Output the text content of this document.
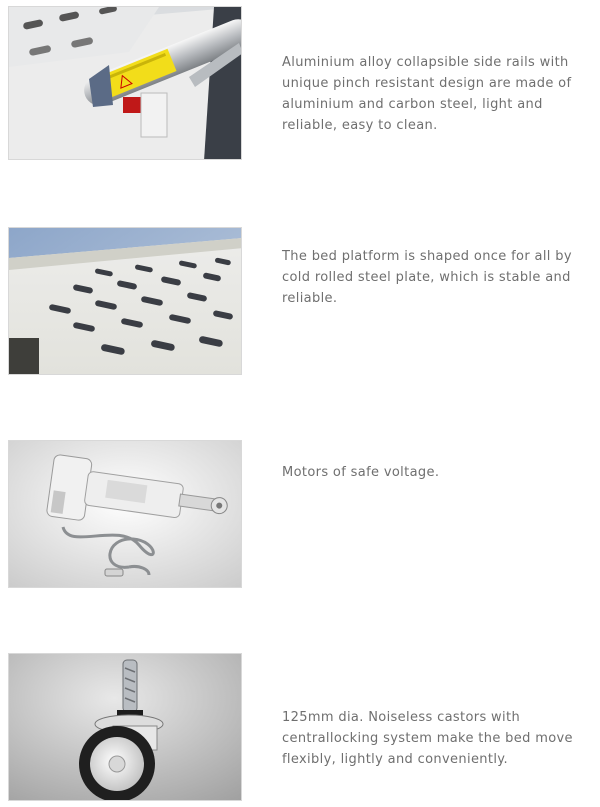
Aluminium alloy collapsible side rails with unique pinch resistant design are made of aluminium and carbon steel, light and reliable, easy to clean.

The bed platform is shaped once for all by cold rolled steel plate, which is stable and reliable.

Motors of safe voltage.

125mm dia. Noiseless castors with centrallocking system make the bed move flexibly, lightly and conveniently.
